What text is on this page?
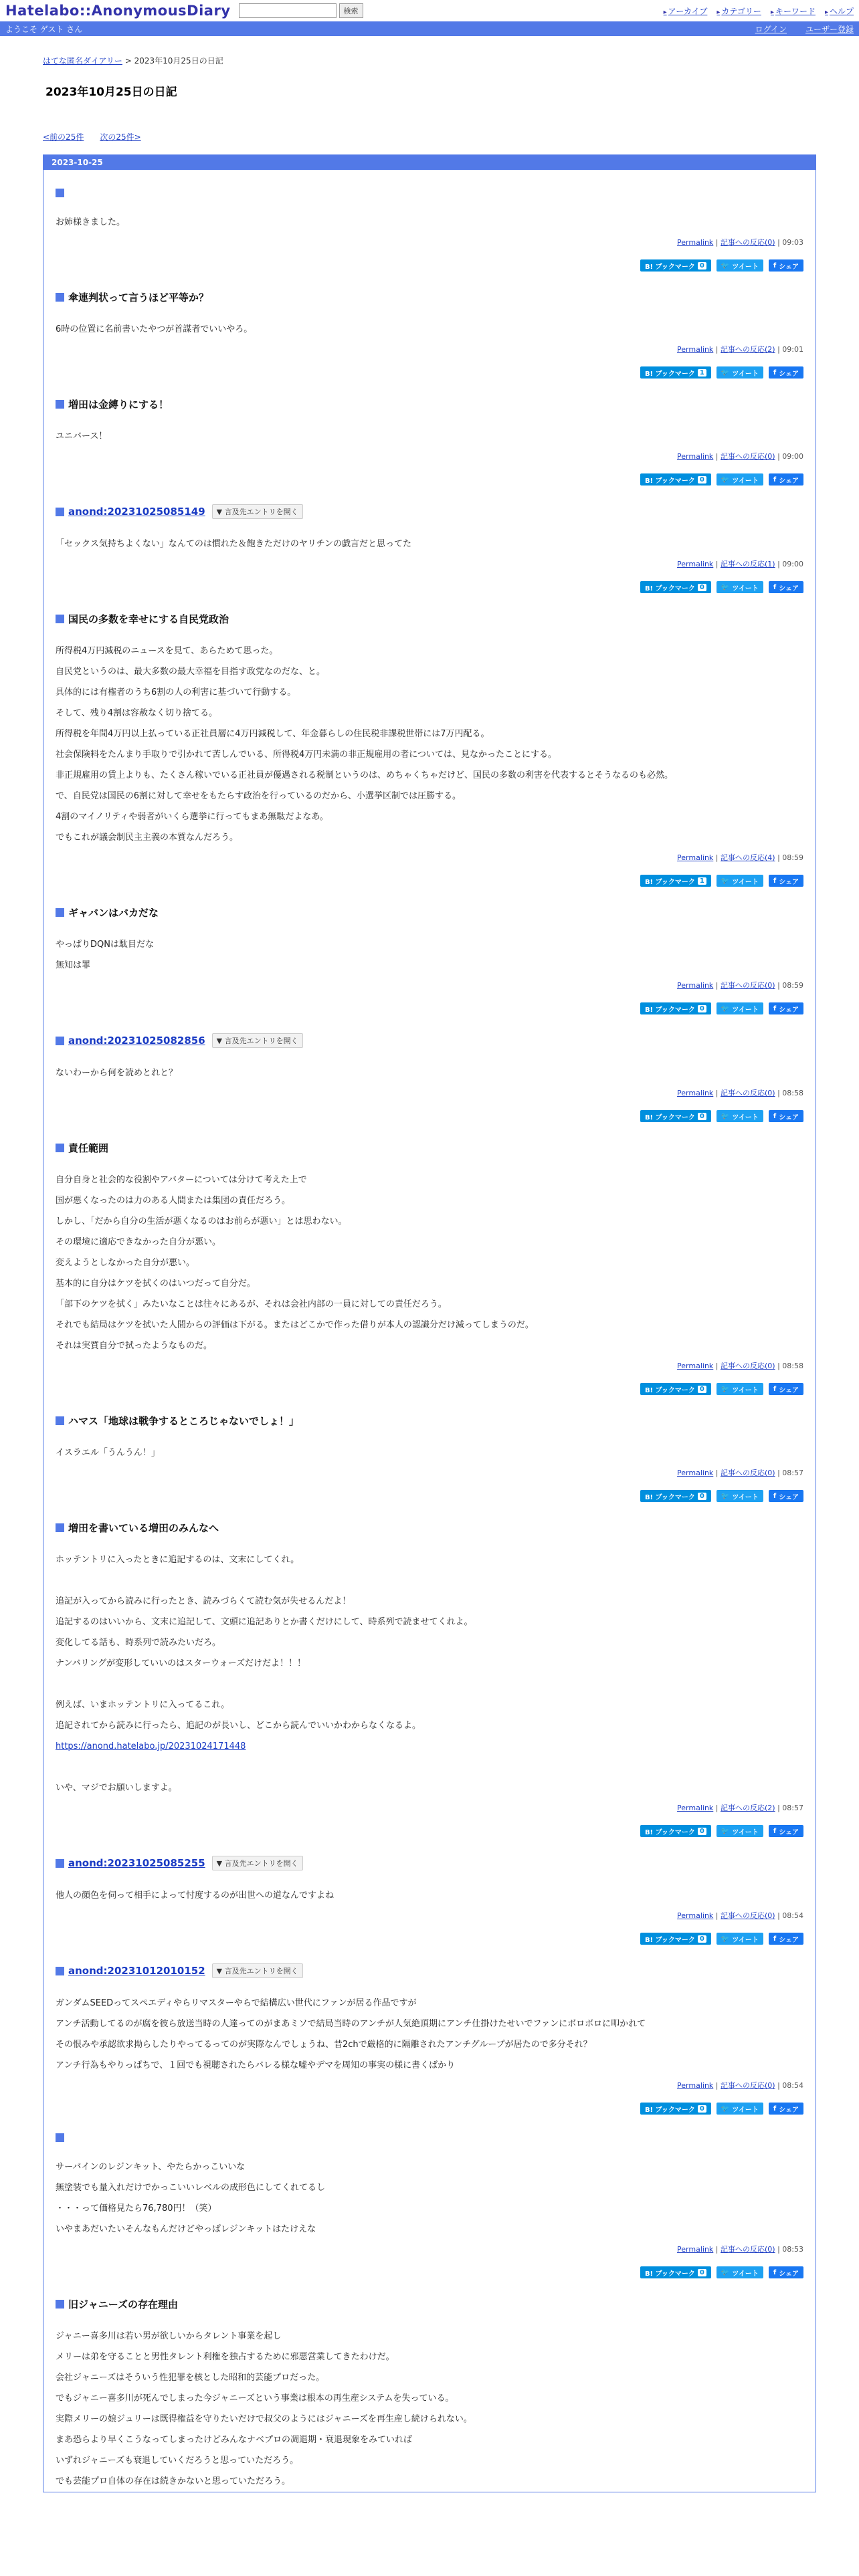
Hatelabo::AnonymousDiary	検索	▸ アーカイブ	▸ カテゴリー	▸ キーワード	▸ ヘルプ
ようこそ ゲスト さん	ログイン ユーザー登録
はてな匿名ダイアリー > 2023年10月25日の日記
2023年10月25日の日記
<前の25件 次の25件>
2023-10-25

お姉様きました。

Permalink | 記事への反応(0) | 09:03
B! ブックマーク 0	🐦 ツイート f シェア
傘連判状って言うほど平等か？

6時の位置に名前書いたやつが首謀者でいいやろ。

Permalink | 記事への反応(2) | 09:01
B! ブックマーク 1	🐦 ツイート f シェア
増田は金縛りにする！

ユニバース！

Permalink | 記事への反応(0) | 09:00
B! ブックマーク 0	🐦 ツイート f シェア
anond:20231025085149	▼ 言及先エントリを開く

「セックス気持ちよくない」なんてのは慣れた＆飽きただけのヤリチンの戯言だと思ってた

Permalink | 記事への反応(1) | 09:00
B! ブックマーク 0	🐦 ツイート f シェア
国民の多数を幸せにする自民党政治

所得税4万円減税のニュースを見て、あらためて思った。

自民党というのは、最大多数の最大幸福を目指す政党なのだな、と。

具体的には有権者のうち6割の人の利害に基づいて行動する。

そして、残り4割は容赦なく切り捨てる。

所得税を年間4万円以上払っている正社員層に4万円減税して、年金暮らしの住民税非課税世帯には7万円配る。

社会保険料をたんまり手取りで引かれて苦しんでいる、所得税4万円未満の非正規雇用の者については、見なかったことにする。

非正規雇用の賃上よりも、たくさん稼いでいる正社員が優遇される税制というのは、めちゃくちゃだけど、国民の多数の利害を代表するとそうなるのも必然。

で、自民党は国民の6割に対して幸せをもたらす政治を行っているのだから、小選挙区制では圧勝する。

4割のマイノリティや弱者がいくら選挙に行ってもまあ無駄だよなあ。

でもこれが議会制民主主義の本質なんだろう。

Permalink | 記事への反応(4) | 08:59
B! ブックマーク 1	🐦 ツイート f シェア
ギャバンはバカだな

やっぱりDQNは駄目だな

無知は罪

Permalink | 記事への反応(0) | 08:59
B! ブックマーク 0	🐦 ツイート f シェア
anond:20231025082856	▼ 言及先エントリを開く

ないわーから何を読めとれと？

Permalink | 記事への反応(0) | 08:58
B! ブックマーク 0	🐦 ツイート f シェア
責任範囲

自分自身と社会的な役割やアバターについては分けて考えた上で

国が悪くなったのは力のある人間または集団の責任だろう。

しかし、「だから自分の生活が悪くなるのはお前らが悪い」とは思わない。

その環境に適応できなかった自分が悪い。

変えようとしなかった自分が悪い。

基本的に自分はケツを拭くのはいつだって自分だ。

「部下のケツを拭く」みたいなことは往々にあるが、それは会社内部の一員に対しての責任だろう。

それでも結局はケツを拭いた人間からの評価は下がる。またはどこかで作った借りが本人の認識分だけ減ってしまうのだ。

それは実質自分で拭ったようなものだ。

Permalink | 記事への反応(0) | 08:58
B! ブックマーク 0	🐦 ツイート f シェア
ハマス「地球は戦争するところじゃないでしょ！」

イスラエル「うんうん！」

Permalink | 記事への反応(0) | 08:57
B! ブックマーク 0	🐦 ツイート f シェア
増田を書いている増田のみんなへ

ホッテントリに入ったときに追記するのは、文末にしてくれ。

追記が入ってから読みに行ったとき、読みづらくて読む気が失せるんだよ！

追記するのはいいから、文末に追記して、文頭に追記ありとか書くだけにして、時系列で読ませてくれよ。

変化してる話も、時系列で読みたいだろ。

ナンバリングが変形していいのはスターウォーズだけだよ！！！

例えば、いまホッテントリに入ってるこれ。

追記されてから読みに行ったら、追記のが長いし、どこから読んでいいかわからなくなるよ。

https://anond.hatelabo.jp/20231024171448

いや、マジでお願いしますよ。

Permalink | 記事への反応(2) | 08:57
B! ブックマーク 0	🐦 ツイート f シェア
anond:20231025085255	▼ 言及先エントリを開く

他人の顔色を伺って相手によって忖度するのが出世への道なんですよね

Permalink | 記事への反応(0) | 08:54
B! ブックマーク 0	🐦 ツイート f シェア
anond:20231012010152	▼ 言及先エントリを開く

ガンダムSEEDってスペエディやらリマスターやらで結構広い世代にファンが居る作品ですが

アンチ活動してるのが腐を彼ら放送当時の人達ってのがまあミソで結局当時のアンチが人気絶頂期にアンチ仕掛けたせいでファンにボロボロに叩かれて

その恨みや承認欲求拗らしたりやってるってのが実際なんでしょうね、昔2chで厳格的に隔離されたアンチグループが居たので多分それ？

アンチ行為もやりっぱちで、１回でも視聴されたらバレる様な嘘やデマを周知の事実の様に書くばかり

Permalink | 記事への反応(0) | 08:54
B! ブックマーク 0	🐦 ツイート f シェア

サーバインのレジンキット、やたらかっこいいな

無塗装でも量入れだけでかっこいいレベルの成形色にしてくれてるし

・・・って価格見たら76,780円！（笑）

いやまあだいたいそんなもんだけどやっぱレジンキットはたけえな

Permalink | 記事への反応(0) | 08:53
B! ブックマーク 0	🐦 ツイート f シェア
旧ジャニーズの存在理由

ジャニー喜多川は若い男が欲しいからタレント事業を起し

メリーは弟を守ることと男性タレント利権を独占するために邪悪営業してきたわけだ。

会社ジャニーズはそういう性犯罪を核とした昭和的芸能プロだった。

でもジャニー喜多川が死んでしまった今ジャニーズという事業は根本の再生産システムを失っている。

実際メリーの娘ジュリーは既得権益を守りたいだけで叔父のようにはジャニーズを再生産し続けられない。

まあ恐らより早くこうなってしまったけどみんなナベプロの凋退期・衰退現象をみていれば

いずれジャニーズも衰退していくだろうと思っていただろう。

でも芸能プロ自体の存在は続きかないと思っていただろう。
